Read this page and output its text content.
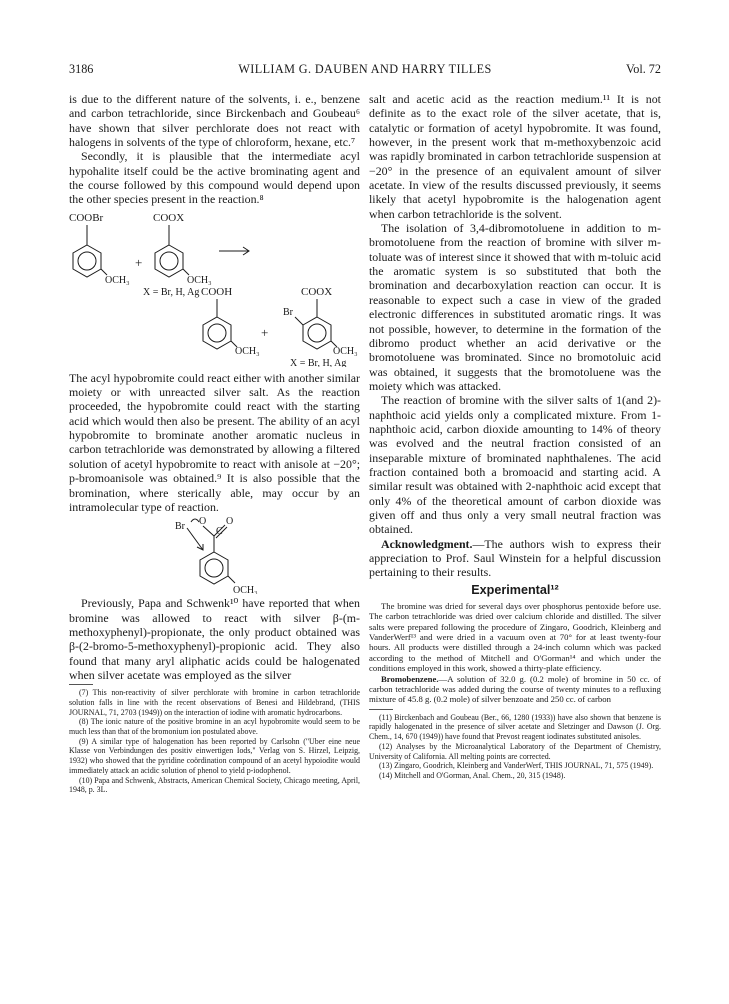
3186	WILLIAM G. DAUBEN AND HARRY TILLES	Vol. 72

is due to the different nature of the solvents, i. e., benzene and carbon tetrachloride, since Birckenbach and Goubeau⁶ have shown that silver perchlorate does not react with halogens in solvents of the type of chloroform, hexane, etc.⁷

Secondly, it is plausible that the intermediate acyl hypohalite itself could be the active brominating agent and the course followed by this compound would depend upon the other species present in the reaction.⁸

COOBr	COOX
OCH₃
+
OCH₃
X = Br, H, Ag COOH	COOX
Br
+
OCH₃	OCH₃
X = Br, H, Ag

The acyl hypobromite could react either with another similar moiety or with unreacted silver salt. As the reaction proceeded, the hypobromite could react with the starting acid which would then also be present. The ability of an acyl hypobromite to brominate another aromatic nucleus in carbon tetrachloride was demonstrated by allowing a filtered solution of acetyl hypobromite to react with anisole at −20°; p-bromoanisole was obtained.⁹ It is also possible that the bromination, where sterically able, may occur by an intramolecular type of reaction.

Br O
C
O
OCH₃

Previously, Papa and Schwenk¹⁰ have reported that when bromine was allowed to react with silver β-(m-methoxyphenyl)-propionate, the only product obtained was β-(2-bromo-5-methoxyphenyl)-propionic acid. They also found that many aryl aliphatic acids could be halogenated when silver acetate was employed as the silver

(7) This non-reactivity of silver perchlorate with bromine in carbon tetrachloride solution falls in line with the recent observations of Benesi and Hildebrand, (THIS JOURNAL, 71, 2703 (1949)) on the interaction of iodine with aromatic hydrocarbons.

(8) The ionic nature of the positive bromine in an acyl hypobromite would seem to be much less than that of the bromonium ion postulated above.

(9) A similar type of halogenation has been reported by Carlsohn ("Uber eine neue Klasse von Verbindungen des positiv einwertigen Iods," Verlag von S. Hirzel, Leipzig, 1932) who showed that the pyridine coördination compound of an acetyl hypoiodite would immediately attack an acidic solution of phenol to yield p-iodophenol.

(10) Papa and Schwenk, Abstracts, American Chemical Society, Chicago meeting, April, 1948, p. 3L.

salt and acetic acid as the reaction medium.¹¹ It is not definite as to the exact role of the silver acetate, that is, catalytic or formation of acetyl hypobromite. It was found, however, in the present work that m-methoxybenzoic acid was rapidly brominated in carbon tetrachloride suspension at −20° in the presence of an equivalent amount of silver acetate. In view of the results discussed previously, it seems likely that acetyl hypobromite is the halogenation agent when carbon tetrachloride is the solvent.

The isolation of 3,4-dibromotoluene in addition to m-bromotoluene from the reaction of bromine with silver m-toluate was of interest since it showed that with m-toluic acid the aromatic system is so substituted that both the bromination and decarboxylation reaction can occur. It is reasonable to expect such a case in view of the graded electronic differences in substituted aromatic rings. It was not possible, however, to determine in the formation of the dibromo product whether an acid derivative or the bromotoluene was brominated. Since no bromotoluic acid was obtained, it suggests that the bromotoluene was the moiety which was attacked.

The reaction of bromine with the silver salts of 1(and 2)-naphthoic acid yields only a complicated mixture. From 1-naphthoic acid, carbon dioxide amounting to 14% of theory was evolved and the neutral fraction consisted of an inseparable mixture of brominated naphthalenes. The acid fraction contained both a bromoacid and starting acid. A similar result was obtained with 2-naphthoic acid except that only 4% of the theoretical amount of carbon dioxide was given off and thus only a very small neutral fraction was obtained.

Acknowledgment.—The authors wish to express their appreciation to Prof. Saul Winstein for a helpful discussion pertaining to their results.

Experimental¹²

The bromine was dried for several days over phosphorus pentoxide before use. The carbon tetrachloride was dried over calcium chloride and distilled. The silver salts were prepared following the procedure of Zingaro, Goodrich, Kleinberg and VanderWerf¹³ and were dried in a vacuum oven at 70° for at least twenty-four hours. All products were distilled through a 24-inch column which was packed according to the method of Mitchell and O'Gorman¹⁴ and which under the conditions employed in this work, showed a thirty-plate efficiency.

Bromobenzene.—A solution of 32.0 g. (0.2 mole) of bromine in 50 cc. of carbon tetrachloride was added during the course of twenty minutes to a refluxing mixture of 45.8 g. (0.2 mole) of silver benzoate and 250 cc. of carbon

(11) Birckenbach and Goubeau (Ber., 66, 1280 (1933)) have also shown that benzene is rapidly halogenated in the presence of silver acetate and Sletzinger and Dawson (J. Org. Chem., 14, 670 (1949)) have found that Prevost reagent iodinates substituted anisoles.

(12) Analyses by the Microanalytical Laboratory of the Department of Chemistry, University of California. All melting points are corrected.

(13) Zingaro, Goodrich, Kleinberg and VanderWerf, THIS JOURNAL, 71, 575 (1949).

(14) Mitchell and O'Gorman, Anal. Chem., 20, 315 (1948).
